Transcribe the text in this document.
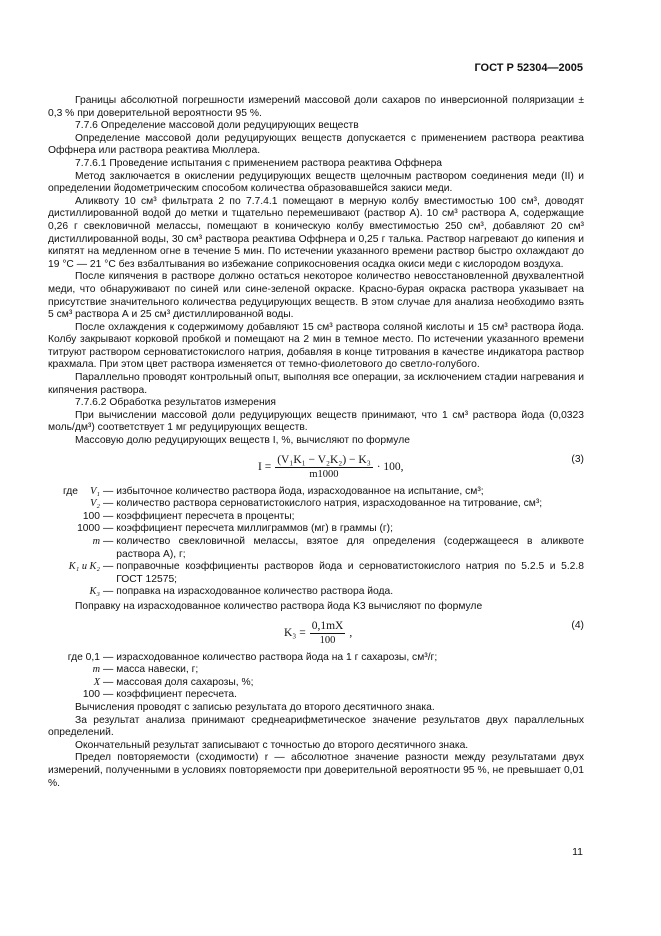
ГОСТ Р 52304—2005

Границы абсолютной погрешности измерений массовой доли сахаров по инверсионной поляризации ± 0,3 % при доверительной вероятности 95 %.

7.7.6 Определение массовой доли редуцирующих веществ

Определение массовой доли редуцирующих веществ допускается с применением раствора реактива Оффнера или раствора реактива Мюллера.

7.7.6.1 Проведение испытания с применением раствора реактива Оффнера

Метод заключается в окислении редуцирующих веществ щелочным раствором соединения меди (II) и определении йодометрическим способом количества образовавшейся закиси меди.

Аликвоту 10 см³ фильтрата 2 по 7.7.4.1 помещают в мерную колбу вместимостью 100 см³, доводят дистиллированной водой до метки и тщательно перемешивают (раствор А). 10 см³ раствора А, содержащие 0,26 г свекловичной мелассы, помещают в коническую колбу вместимостью 250 см³, добавляют 20 см³ дистиллированной воды, 30 см³ раствора реактива Оффнера и 0,25 г талька. Раствор нагревают до кипения и кипятят на медленном огне в течение 5 мин. По истечении указанного времени раствор быстро охлаждают до 19 °С — 21 °С без взбалтывания во избежание соприкосновения осадка окиси меди с кислородом воздуха.

После кипячения в растворе должно остаться некоторое количество невосстановленной двухвалентной меди, что обнаруживают по синей или сине-зеленой окраске. Красно-бурая окраска раствора указывает на присутствие значительного количества редуцирующих веществ. В этом случае для анализа необходимо взять 5 см³ раствора А и 25 см³ дистиллированной воды.

После охлаждения к содержимому добавляют 15 см³ раствора соляной кислоты и 15 см³ раствора йода. Колбу закрывают корковой пробкой и помещают на 2 мин в темное место. По истечении указанного времени титруют раствором серноватистокислого натрия, добавляя в конце титрования в качестве индикатора раствор крахмала. При этом цвет раствора изменяется от темно-фиолетового до светло-голубого.

Параллельно проводят контрольный опыт, выполняя все операции, за исключением стадии нагревания и кипячения раствора.

7.7.6.2 Обработка результатов измерения

При вычислении массовой доли редуцирующих веществ принимают, что 1 см³ раствора йода (0,0323 моль/дм³) соответствует 1 мг редуцирующих веществ.

Массовую долю редуцирующих веществ I, %, вычисляют по формуле

$I = \frac{\text{(V₁K₁ − V₂K₂) − K₃}}{m1000} \cdot 100$,
(3)
где	V₁ — избыточное количество раствора йода, израсходованное на испытание, см³;
V₂ — количество раствора серноватистокислого натрия, израсходованное на титрование, см³;
100 — коэффициент пересчета в проценты;
1000 — коэффициент пересчета миллиграммов (мг) в граммы (г);
m — количество свекловичной мелассы, взятое для определения (содержащееся в аликвоте раствора А), г;
K₁ и K₂ — поправочные коэффициенты растворов йода и серноватистокислого натрия по 5.2.5 и 5.2.8 ГОСТ 12575;
K₃ — поправка на израсходованное количество раствора йода.

Поправку на израсходованное количество раствора йода K3 вычисляют по формуле

$K_3 = \frac{0,1mX}{100}$ ,
(4)
где 0,1 — израсходованное количество раствора йода на 1 г сахарозы, см³/г;
m — масса навески, г;
X — массовая доля сахарозы, %;
100 — коэффициент пересчета.

Вычисления проводят с записью результата до второго десятичного знака.

За результат анализа принимают среднеарифметическое значение результатов двух параллельных определений.

Окончательный результат записывают с точностью до второго десятичного знака.

Предел повторяемости (сходимости) r — абсолютное значение разности между результатами двух измерений, полученными в условиях повторяемости при доверительной вероятности 95 %, не превышает 0,01 %.

11
